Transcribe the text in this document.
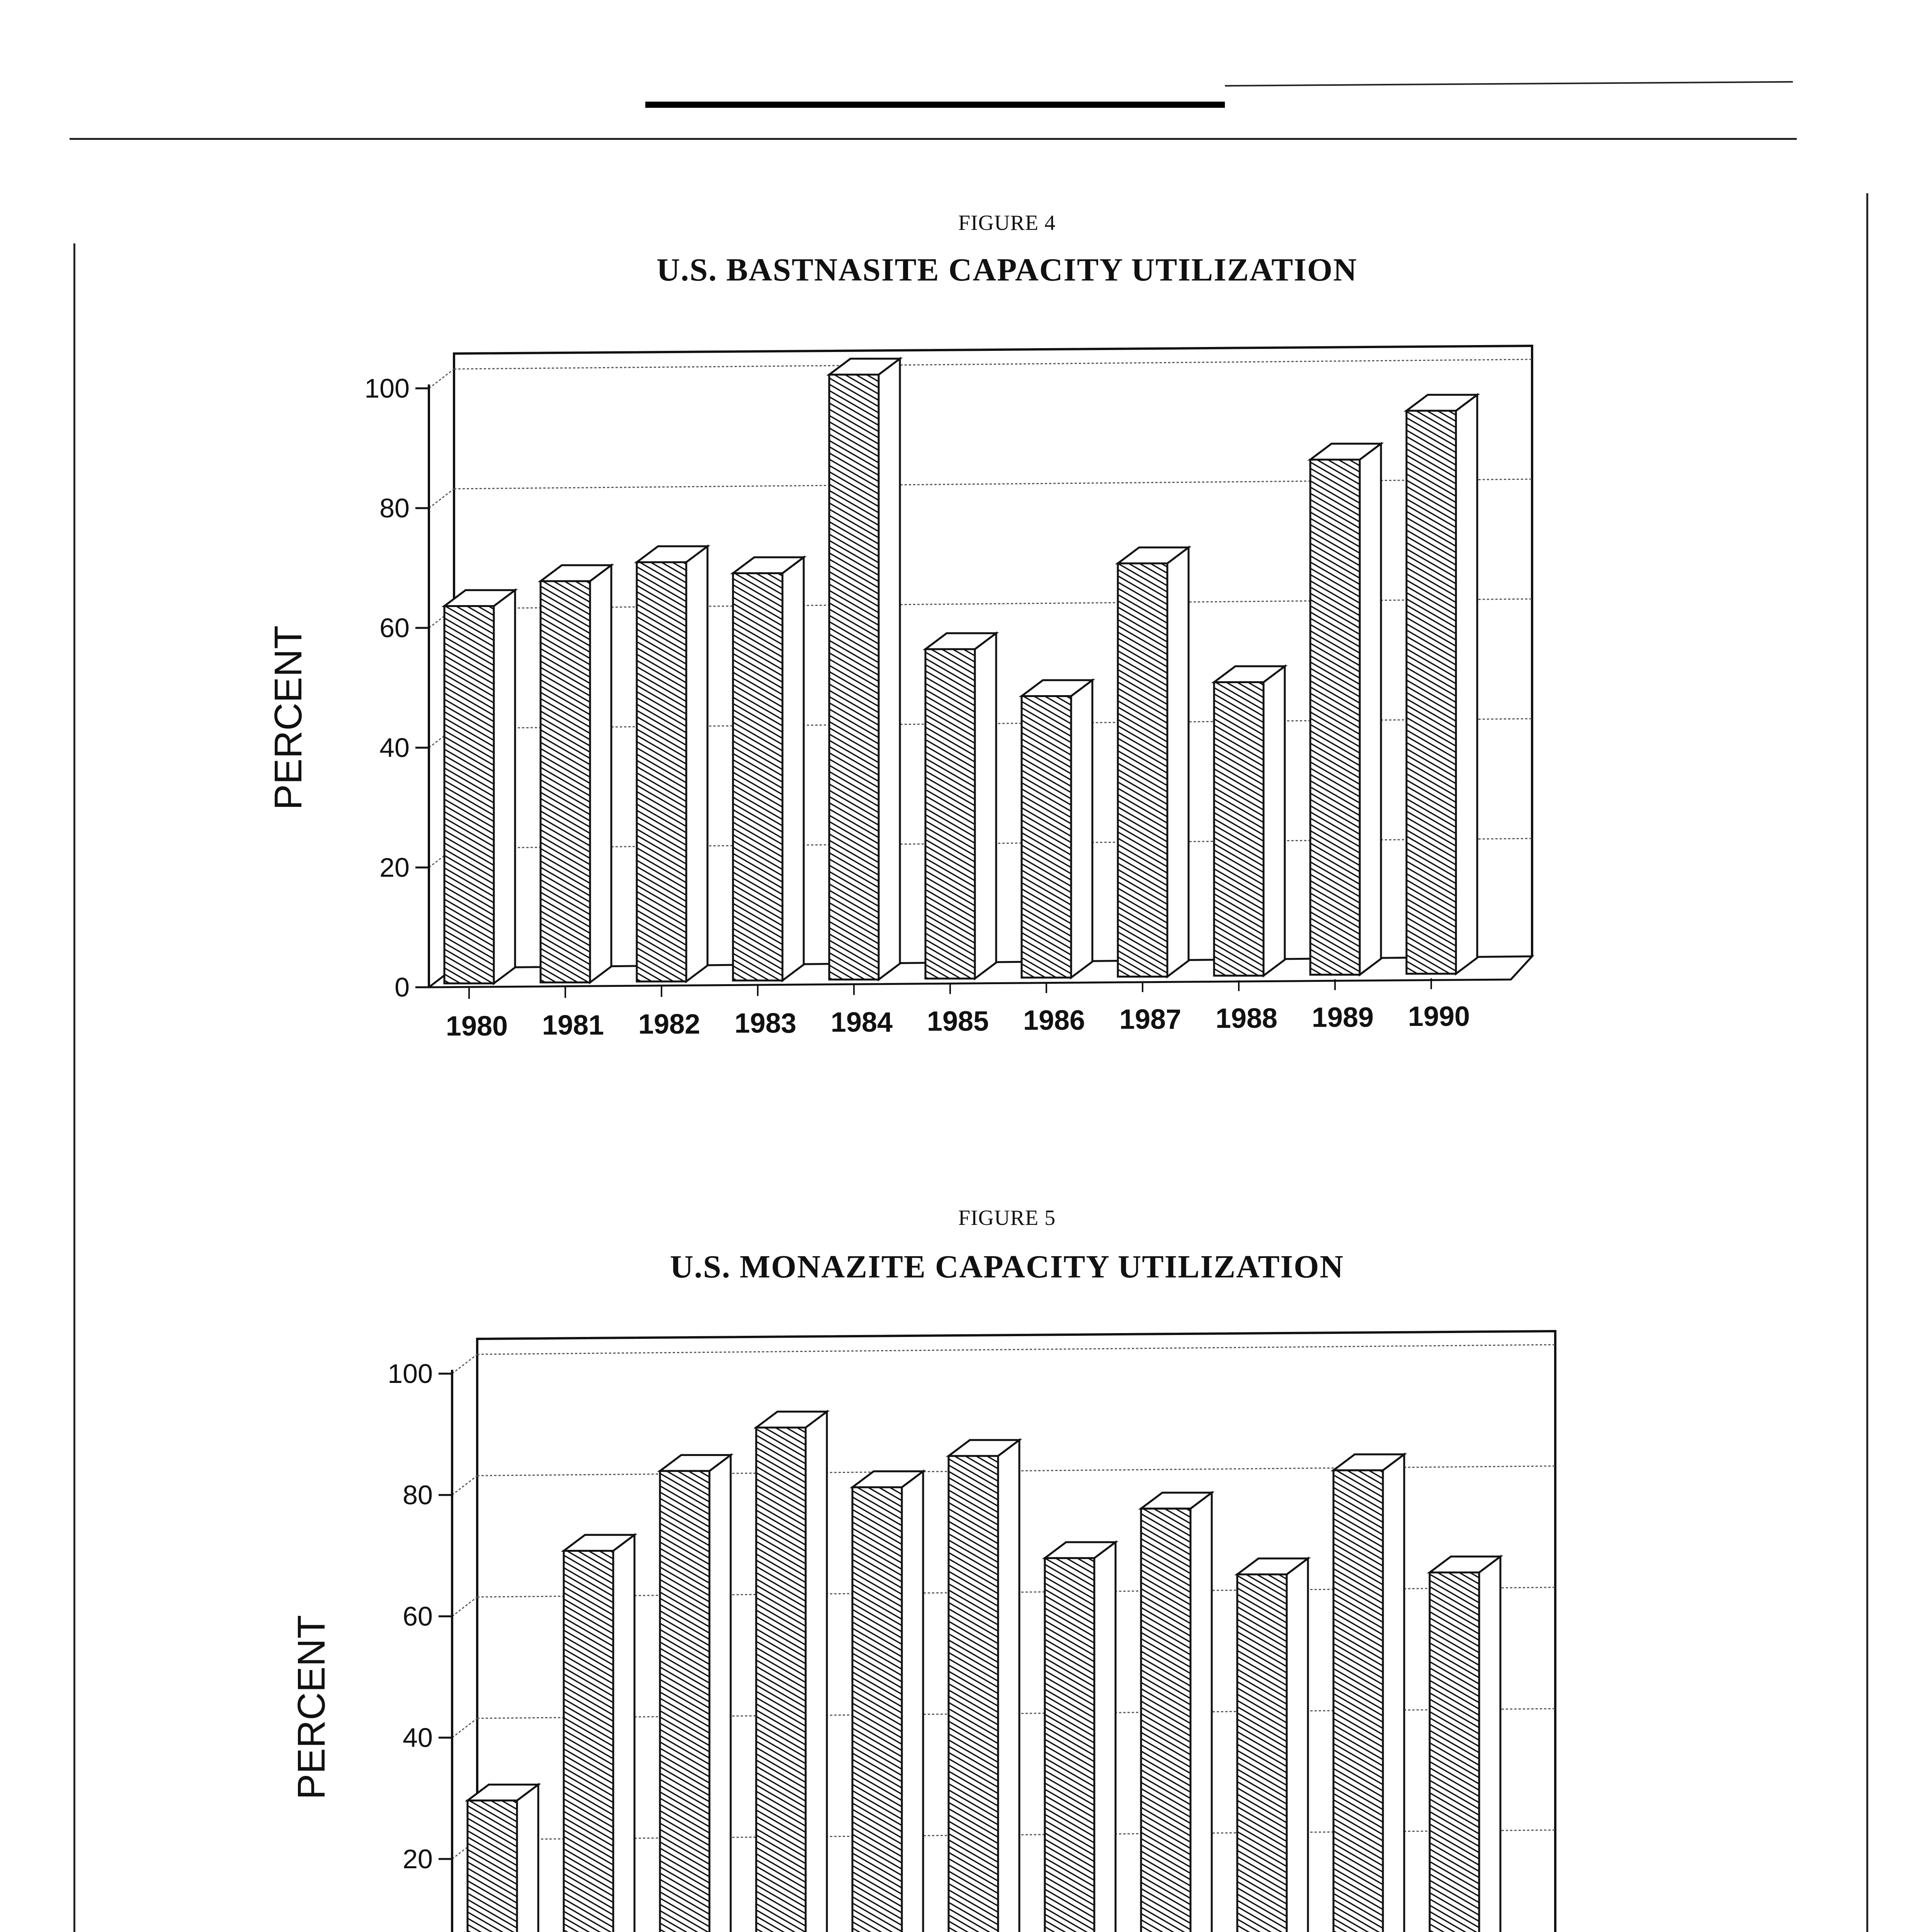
FIGURE 4
U.S. BASTNASITE CAPACITY UTILIZATION
FIGURE 5
U.S. MONAZITE CAPACITY UTILIZATION
0
20
40
60
80
100
PERCENT
1980 1981 1982 1983 1984 1985 1986 1987 1988 1989 1990
20
40
60
80
100
PERCENT
